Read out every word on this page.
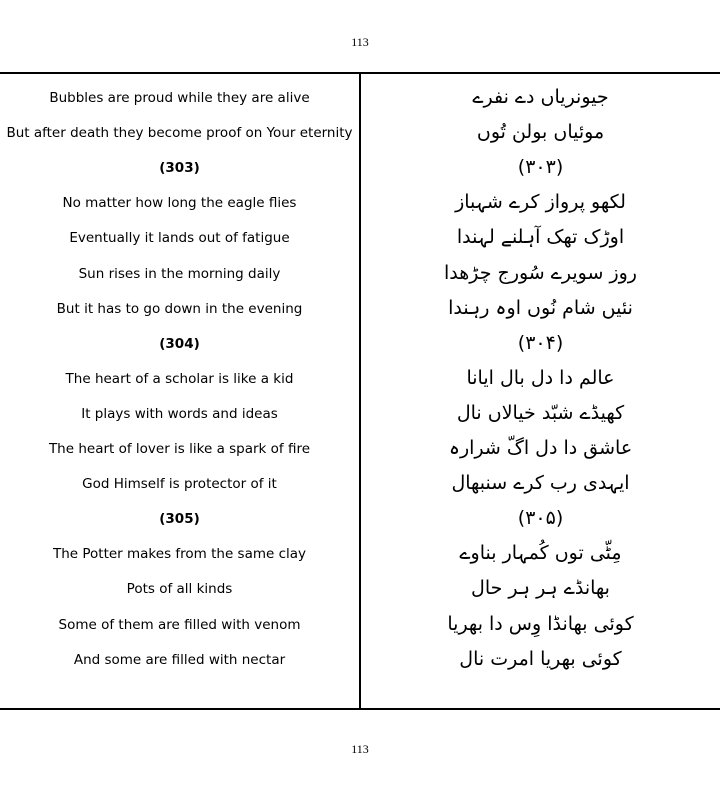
113
Bubbles are proud while they are alive
But after death they become proof on Your eternity
(303)
No matter how long the eagle flies
Eventually it lands out of fatigue
Sun rises in the morning daily
But it has to go down in the evening
(304)
The heart of a scholar is like a kid
It plays with words and ideas
The heart of lover is like a spark of fire
God Himself is protector of it
(305)
The Potter makes from the same clay
Pots of all kinds
Some of them are filled with venom
And some are filled with nectar
جیونریاں دے نفرے
موئیاں بولن تُوں
(۳۰۳)
لکھو پرواز کرے شہباز
اوڑک تھک آہلنے لہندا
روز سویرے سُورج چڑھدا
نئیں شام نُوں اوہ رہندا
(۳۰۴)
عالم دا دل بال ایانا
کھیڈے شبّد خیالاں نال
عاشق دا دل اگّ شرارہ
ایہدی رب کرے سنبھال
(۳۰۵)
مِٹّی توں کُمہار بناوے
بھانڈے ہر ہر حال
کوئی بھانڈا وِس دا بھریا
کوئی بھریا امرت نال
113
